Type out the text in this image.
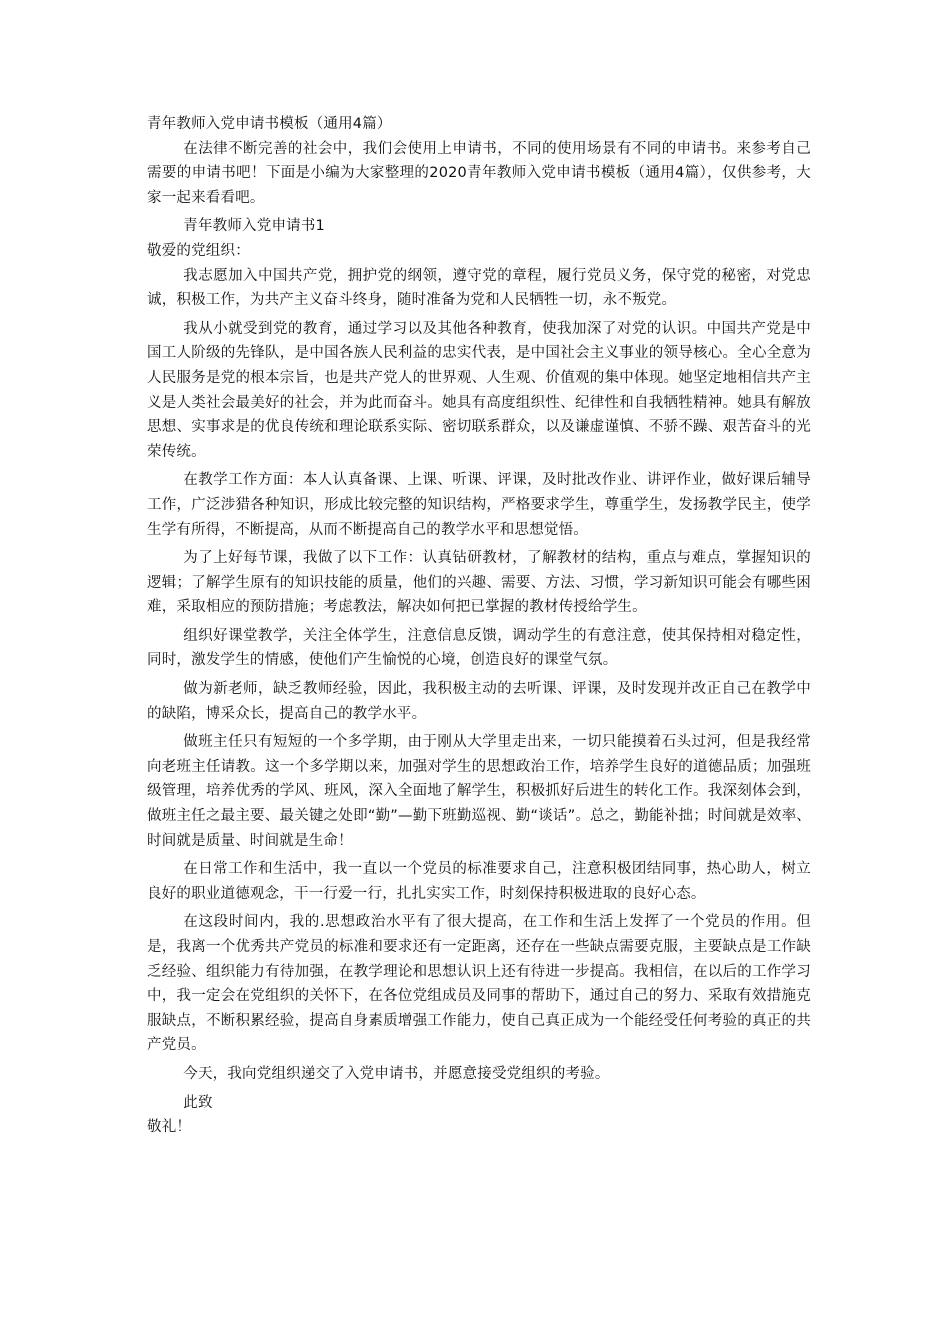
青年教师入党申请书模板（通用4篇）

在法律不断完善的社会中，我们会使用上申请书，不同的使用场景有不同的申请书。来参考自己需要的申请书吧！下面是小编为大家整理的2020青年教师入党申请书模板（通用4篇），仅供参考，大家一起来看看吧。

青年教师入党申请书1

敬爱的党组织：

我志愿加入中国共产党，拥护党的纲领，遵守党的章程，履行党员义务，保守党的秘密，对党忠诚，积极工作，为共产主义奋斗终身，随时准备为党和人民牺牲一切，永不叛党。

我从小就受到党的教育，通过学习以及其他各种教育，使我加深了对党的认识。中国共产党是中国工人阶级的先锋队，是中国各族人民利益的忠实代表，是中国社会主义事业的领导核心。全心全意为人民服务是党的根本宗旨，也是共产党人的世界观、人生观、价值观的集中体现。她坚定地相信共产主义是人类社会最美好的社会，并为此而奋斗。她具有高度组织性、纪律性和自我牺牲精神。她具有解放思想、实事求是的优良传统和理论联系实际、密切联系群众，以及谦虚谨慎、不骄不躁、艰苦奋斗的光荣传统。

在教学工作方面：本人认真备课、上课、听课、评课，及时批改作业、讲评作业，做好课后辅导工作，广泛涉猎各种知识，形成比较完整的知识结构，严格要求学生，尊重学生，发扬教学民主，使学生学有所得，不断提高，从而不断提高自己的教学水平和思想觉悟。

为了上好每节课，我做了以下工作：认真钻研教材，了解教材的结构，重点与难点，掌握知识的逻辑；了解学生原有的知识技能的质量，他们的兴趣、需要、方法、习惯，学习新知识可能会有哪些困难，采取相应的预防措施；考虑教法，解决如何把已掌握的教材传授给学生。

组织好课堂教学，关注全体学生，注意信息反馈，调动学生的有意注意，使其保持相对稳定性，同时，激发学生的情感，使他们产生愉悦的心境，创造良好的课堂气氛。

做为新老师，缺乏教师经验，因此，我积极主动的去听课、评课，及时发现并改正自己在教学中的缺陷，博采众长，提高自己的教学水平。

做班主任只有短短的一个多学期，由于刚从大学里走出来，一切只能摸着石头过河，但是我经常向老班主任请教。这一个多学期以来，加强对学生的思想政治工作，培养学生良好的道德品质；加强班级管理，培养优秀的学风、班风，深入全面地了解学生，积极抓好后进生的转化工作。我深刻体会到，做班主任之最主要、最关键之处即“勤”—勤下班勤巡视、勤“谈话”。总之，勤能补拙；时间就是效率、时间就是质量、时间就是生命！

在日常工作和生活中，我一直以一个党员的标准要求自己，注意积极团结同事，热心助人，树立良好的职业道德观念，干一行爱一行，扎扎实实工作，时刻保持积极进取的良好心态。

在这段时间内，我的.思想政治水平有了很大提高，在工作和生活上发挥了一个党员的作用。但是，我离一个优秀共产党员的标准和要求还有一定距离，还存在一些缺点需要克服，主要缺点是工作缺乏经验、组织能力有待加强，在教学理论和思想认识上还有待进一步提高。我相信，在以后的工作学习中，我一定会在党组织的关怀下，在各位党组成员及同事的帮助下，通过自己的努力、采取有效措施克服缺点，不断积累经验，提高自身素质增强工作能力，使自己真正成为一个能经受任何考验的真正的共产党员。

今天，我向党组织递交了入党申请书，并愿意接受党组织的考验。

此致

敬礼！
